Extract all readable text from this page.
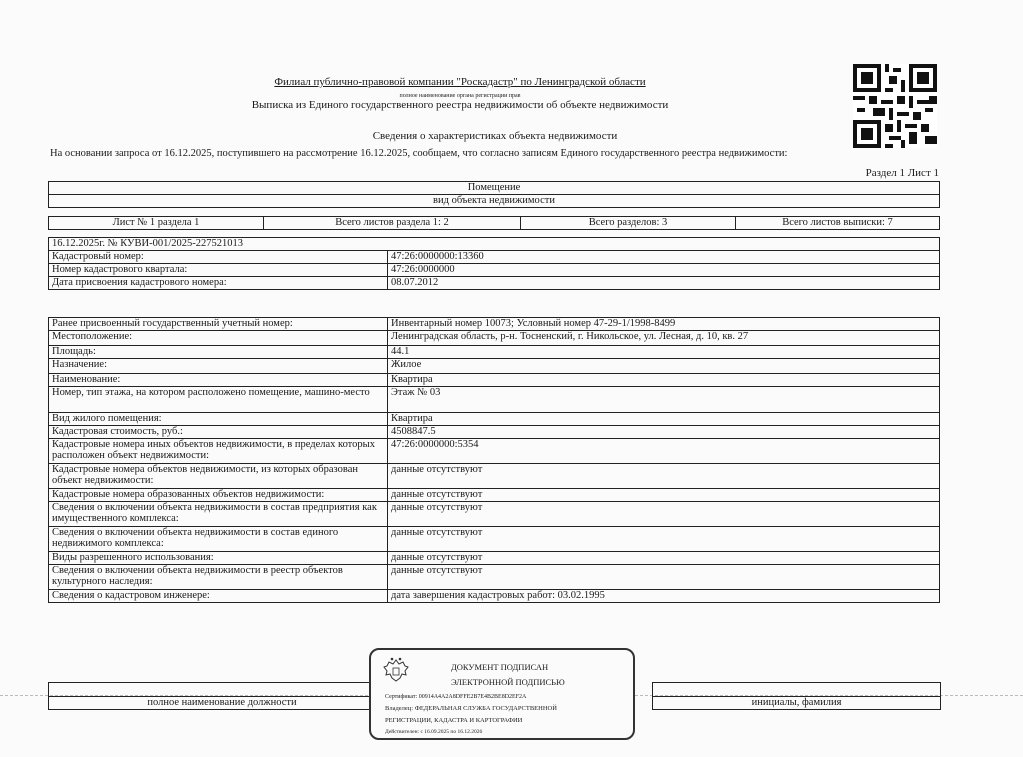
Филиал публично-правовой компании "Роскадастр" по Ленинградской области
полное наименование органа регистрации прав
Выписка из Единого государственного реестра недвижимости об объекте недвижимости
Сведения о характеристиках объекта недвижимости
На основании запроса от 16.12.2025, поступившего на рассмотрение 16.12.2025, сообщаем, что согласно записям Единого государственного реестра недвижимости:
Раздел 1 Лист 1
Помещение
вид объекта недвижимости
Лист № 1 раздела 1	Всего листов раздела 1: 2	Всего разделов: 3	Всего листов выписки: 7
16.12.2025г. № КУВИ-001/2025-227521013	
Кадастровый номер:	47:26:0000000:13360
Номер кадастрового квартала:	47:26:0000000
Дата присвоения кадастрового номера:	08.07.2012
Ранее присвоенный государственный учетный номер:	Инвентарный номер 10073; Условный номер 47-29-1/1998-8499
Местоположение:	Ленинградская область, р-н. Тосненский, г. Никольское, ул. Лесная, д. 10, кв. 27
Площадь:	44.1
Назначение:	Жилое
Наименование:	Квартира
Номер, тип этажа, на котором расположено помещение, машино-место	Этаж № 03
Вид жилого помещения:	Квартира
Кадастровая стоимость, руб.:	4508847.5
Кадастровые номера иных объектов недвижимости, в пределах которых расположен объект недвижимости:	47:26:0000000:5354
Кадастровые номера объектов недвижимости, из которых образован объект недвижимости:	данные отсутствуют
Кадастровые номера образованных объектов недвижимости:	данные отсутствуют
Сведения о включении объекта недвижимости в состав предприятия как имущественного комплекса:	данные отсутствуют
Сведения о включении объекта недвижимости в состав единого недвижимого комплекса:	данные отсутствуют
Виды разрешенного использования:	данные отсутствуют
Сведения о включении объекта недвижимости в реестр объектов культурного наследия:	данные отсутствуют
Сведения о кадастровом инженере:	дата завершения кадастровых работ: 03.02.1995

полное наименование должности		инициалы, фамилия
ДОКУМЕНТ ПОДПИСАН
ЭЛЕКТРОННОЙ ПОДПИСЬЮ
Сертификат: 00914A4A2A8DFFE2B7E4B2BE8D2EF2A
Владелец: ФЕДЕРАЛЬНАЯ СЛУЖБА ГОСУДАРСТВЕННОЙ
РЕГИСТРАЦИИ, КАДАСТРА И КАРТОГРАФИИ
Действителен: с 16.09.2025 по 16.12.2026
